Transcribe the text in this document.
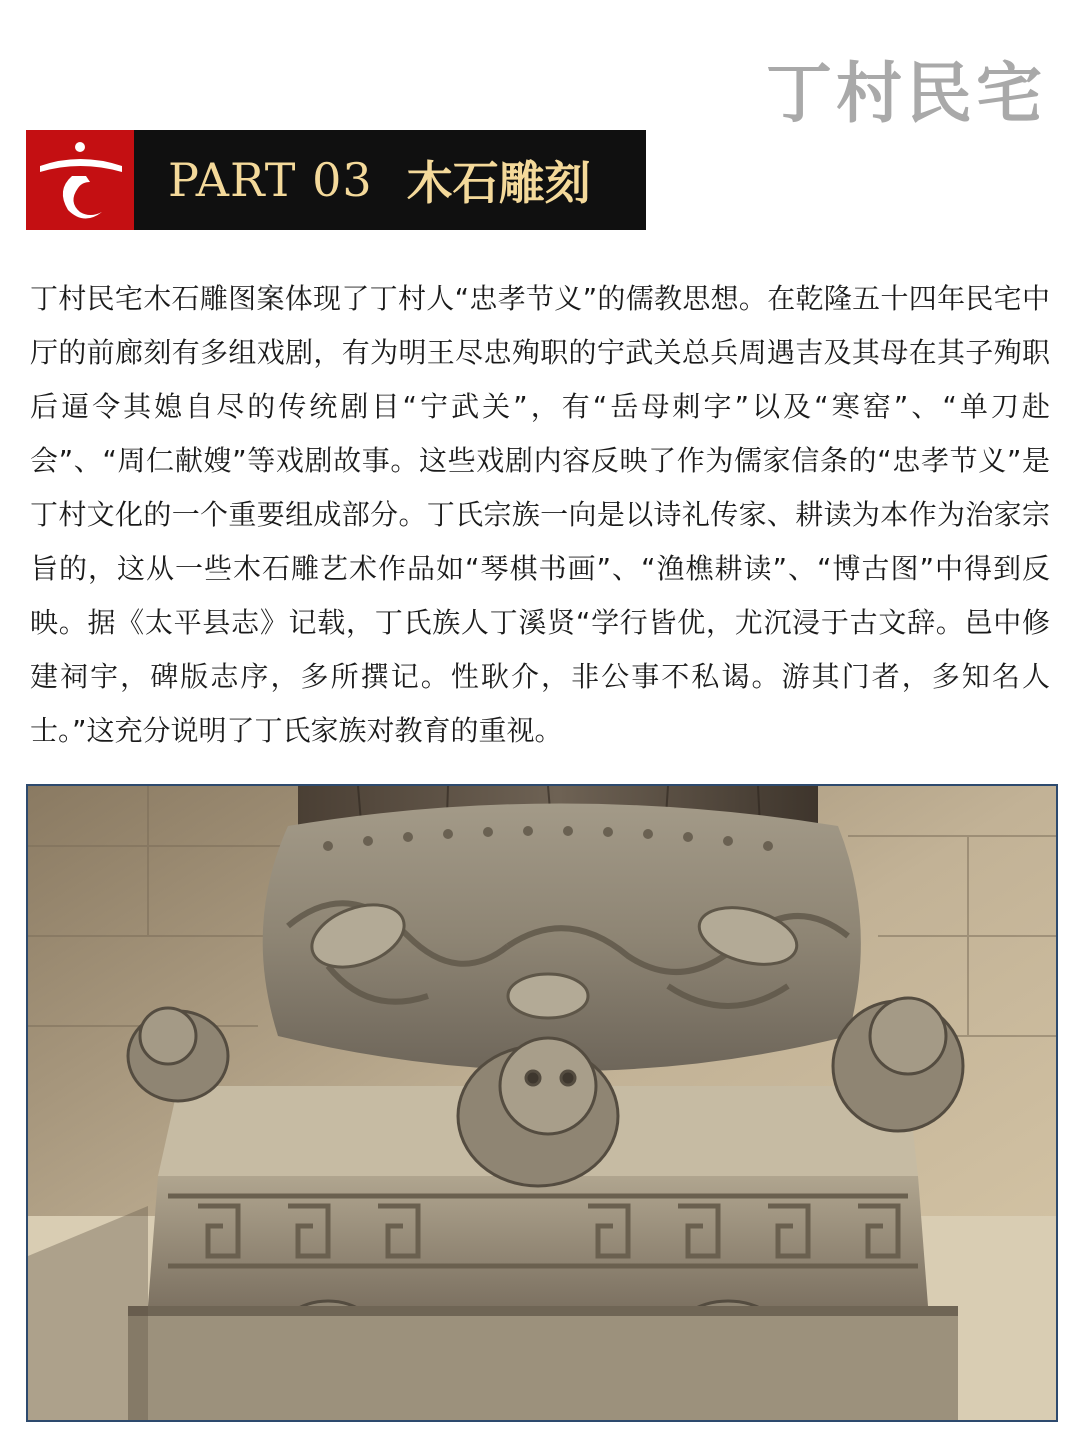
丁村民宅
PART 03 木石雕刻

丁村民宅木石雕图案体现了丁村人“忠孝节义”的儒教思想。在乾隆五十四年民宅中厅的前廊刻有多组戏剧，有为明王尽忠殉职的宁武关总兵周遇吉及其母在其子殉职后逼令其媳自尽的传统剧目“宁武关”，有“岳母刺字”以及“寒窑”、“单刀赴会”、“周仁献嫂”等戏剧故事。这些戏剧内容反映了作为儒家信条的“忠孝节义”是丁村文化的一个重要组成部分。丁氏宗族一向是以诗礼传家、耕读为本作为治家宗旨的，这从一些木石雕艺术作品如“琴棋书画”、“渔樵耕读”、“博古图”中得到反映。据《太平县志》记载，丁氏族人丁溪贤“学行皆优，尤沉浸于古文辞。邑中修建祠宇，碑版志序，多所撰记。性耿介，非公事不私谒。游其门者，多知名人士。”这充分说明了丁氏家族对教育的重视。
